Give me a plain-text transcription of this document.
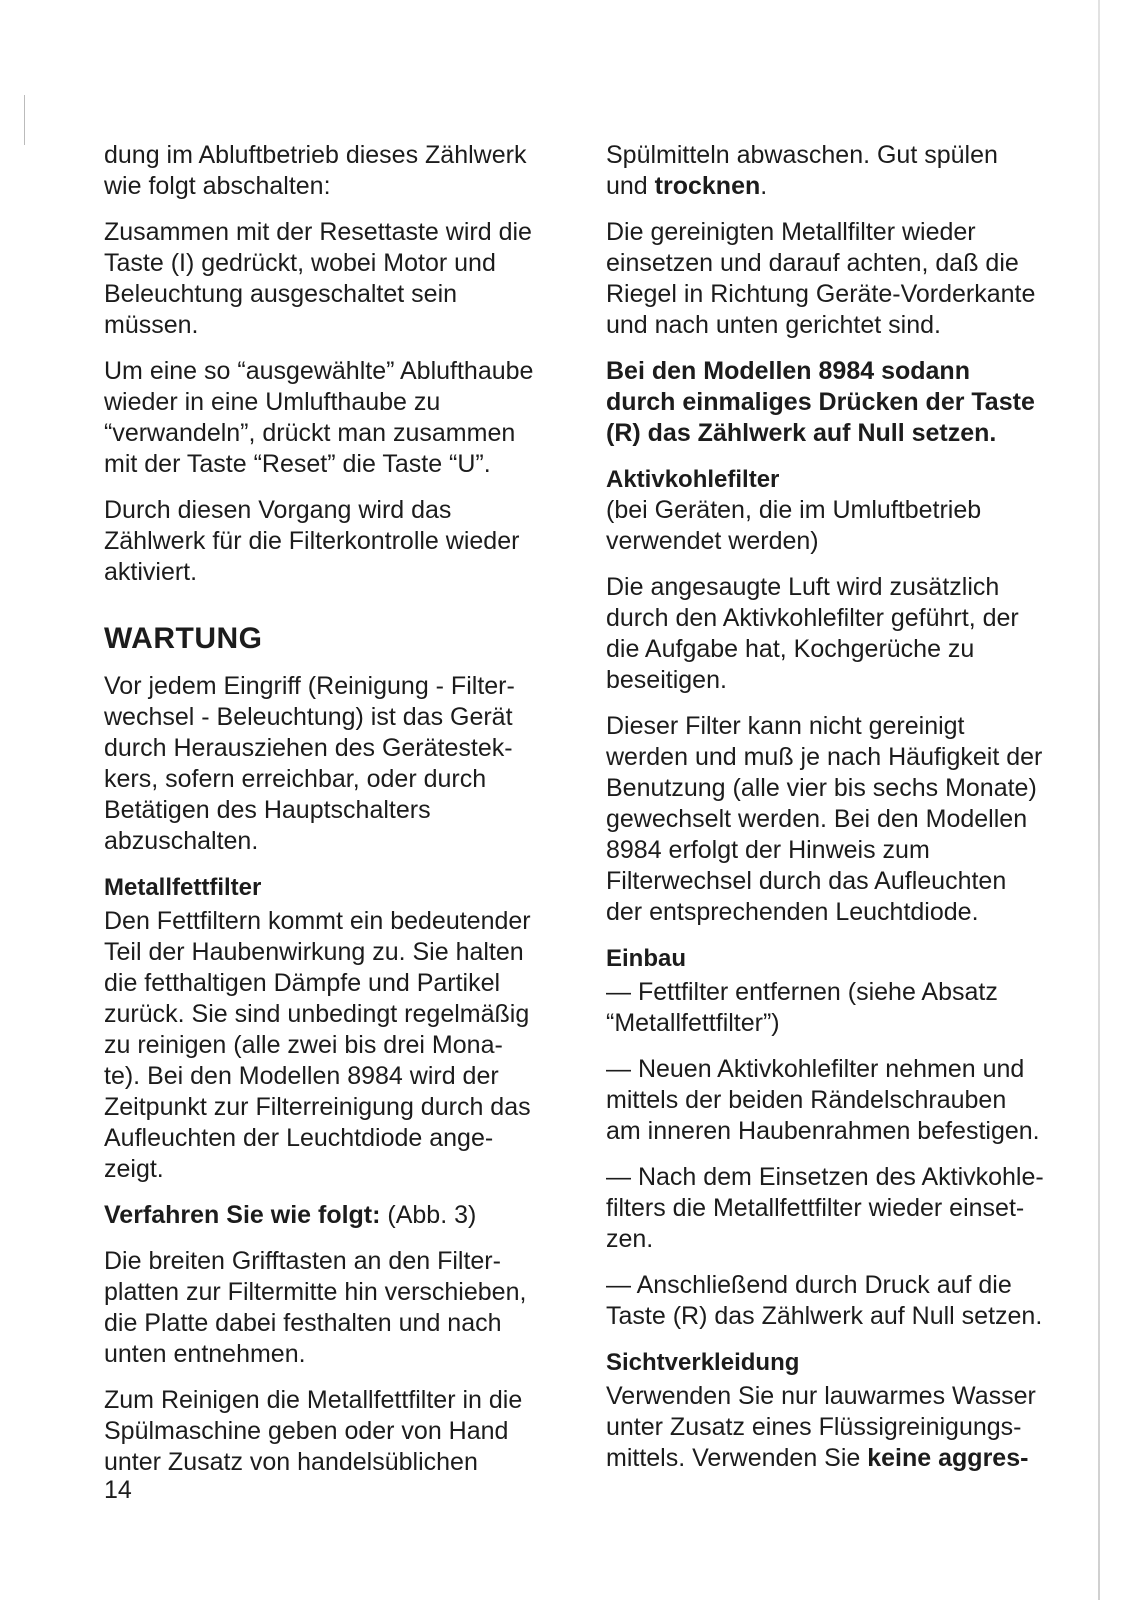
dung im Abluftbetrieb dieses Zählwerk
wie folgt abschalten:

Zusammen mit der Resettaste wird die
Taste (I) gedrückt, wobei Motor und
Beleuchtung ausgeschaltet sein
müssen.

Um eine so “ausgewählte” Ablufthaube
wieder in eine Umlufthaube zu
“verwandeln”, drückt man zusammen
mit der Taste “Reset” die Taste “U”.

Durch diesen Vorgang wird das
Zählwerk für die Filterkontrolle wieder
aktiviert.

WARTUNG

Vor jedem Eingriff (Reinigung - Filter-
wechsel - Beleuchtung) ist das Gerät
durch Herausziehen des Gerätestek-
kers, sofern erreichbar, oder durch
Betätigen des Hauptschalters
abzuschalten.

Metallfettfilter

Den Fettfiltern kommt ein bedeutender
Teil der Haubenwirkung zu. Sie halten
die fetthaltigen Dämpfe und Partikel
zurück. Sie sind unbedingt regelmäßig
zu reinigen (alle zwei bis drei Mona-
te). Bei den Modellen 8984 wird der
Zeitpunkt zur Filterreinigung durch das
Aufleuchten der Leuchtdiode ange-
zeigt.

Verfahren Sie wie folgt: (Abb. 3)

Die breiten Grifftasten an den Filter-
platten zur Filtermitte hin verschieben,
die Platte dabei festhalten und nach
unten entnehmen.

Zum Reinigen die Metallfettfilter in die
Spülmaschine geben oder von Hand
unter Zusatz von handelsüblichen

Spülmitteln abwaschen. Gut spülen
und trocknen.

Die gereinigten Metallfilter wieder
einsetzen und darauf achten, daß die
Riegel in Richtung Geräte-Vorderkante
und nach unten gerichtet sind.

Bei den Modellen 8984 sodann
durch einmaliges Drücken der Taste
(R) das Zählwerk auf Null setzen.

Aktivkohlefilter

(bei Geräten, die im Umluftbetrieb
verwendet werden)

Die angesaugte Luft wird zusätzlich
durch den Aktivkohlefilter geführt, der
die Aufgabe hat, Kochgerüche zu
beseitigen.

Dieser Filter kann nicht gereinigt
werden und muß je nach Häufigkeit der
Benutzung (alle vier bis sechs Monate)
gewechselt werden. Bei den Modellen
8984 erfolgt der Hinweis zum
Filterwechsel durch das Aufleuchten
der entsprechenden Leuchtdiode.

Einbau

— Fettfilter entfernen (siehe Absatz
“Metallfettfilter”)

— Neuen Aktivkohlefilter nehmen und
mittels der beiden Rändelschrauben
am inneren Haubenrahmen befestigen.

— Nach dem Einsetzen des Aktivkohle-
filters die Metallfettfilter wieder einset-
zen.

— Anschließend durch Druck auf die
Taste (R) das Zählwerk auf Null setzen.

Sichtverkleidung

Verwenden Sie nur lauwarmes Wasser
unter Zusatz eines Flüssigreinigungs-
mittels. Verwenden Sie keine aggres-

14
